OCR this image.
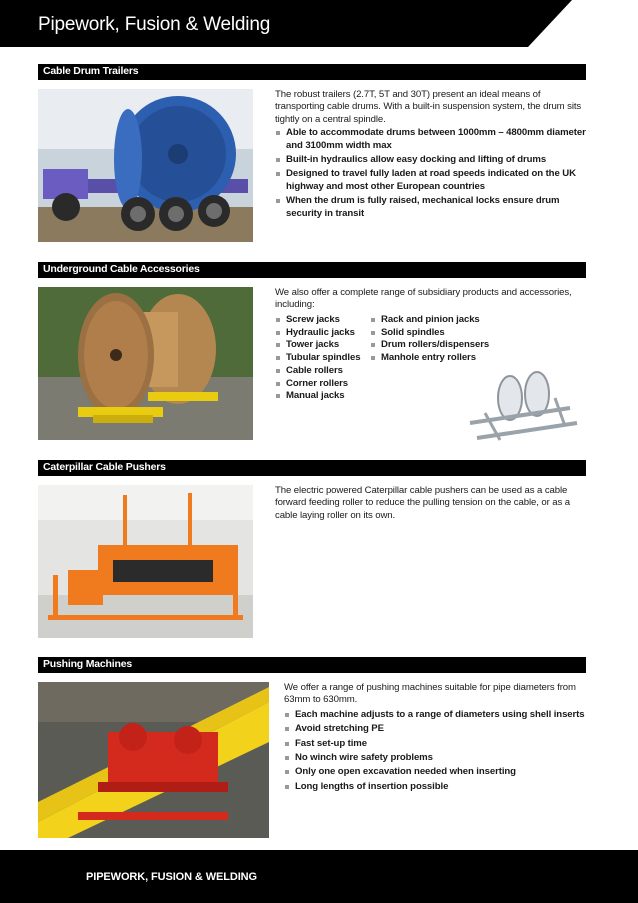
Pipework, Fusion & Welding
Cable Drum Trailers

The robust trailers (2.7T, 5T and 30T) present an ideal means of transporting cable drums. With a built-in suspension system, the drum sits tightly on a central spindle.

Able to accommodate drums between 1000mm – 4800mm diameter and 3100mm width max
Built-in hydraulics allow easy docking and lifting of drums
Designed to travel fully laden at road speeds indicated on the UK highway and most other European countries
When the drum is fully raised, mechanical locks ensure drum security in transit
Underground Cable Accessories

We also offer a complete range of subsidiary products and accessories, including:

Screw jacks
Hydraulic jacks
Tower jacks
Tubular spindles
Cable rollers
Corner rollers
Manual jacks
Rack and pinion jacks
Solid spindles
Drum rollers/dispensers
Manhole entry rollers
Caterpillar Cable Pushers

The electric powered Caterpillar cable pushers can be used as a cable forward feeding roller to reduce the pulling tension on the cable, or as a cable laying roller on its own.

Pushing Machines

We offer a range of pushing machines suitable for pipe diameters from 63mm to 630mm.

Each machine adjusts to a range of diameters using shell inserts
Avoid stretching PE
Fast set-up time
No winch wire safety problems
Only one open excavation needed when inserting
Long lengths of insertion possible
PIPEWORK, FUSION & WELDING
